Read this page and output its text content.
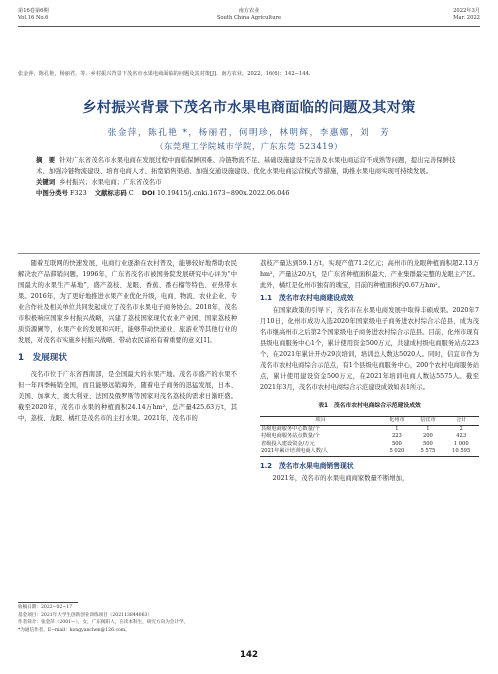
第16卷第6期
Vol.16 No.6
南方农业
South China Agriculture
2022年3月
Mar. 2022
张金萍，陈孔艳，杨丽君，等．乡村振兴背景下茂名市水果电商面临的问题及其对策[J]．南方农业，2022，16(6)：142−144.
乡村振兴背景下茂名市水果电商面临的问题及其对策
张金萍，陈孔艳 *，杨丽君，何明珍，林明辉，李惠娜，刘　芳
（东莞理工学院城市学院，广东东莞 523419）
摘　要 针对广东省茂名市水果电商在发展过程中面临保鲜困难、冷链物流不足、基础设施建设不完善及水果电商运营不成熟等问题，提出完善保鲜技术、加强冷链物流建设、培育电商人才、拓宽销售渠道、加强交通设施建设、优化水果电商运营模式等措施，助推水果电商实现可持续发展。
关键词 乡村振兴；水果电商；广东省茂名市
中图分类号 F323 文献标志码 C DOI 10.19415/j.cnki.1673−890x.2022.06.046

随着互联网的快速发展，电商行业逐渐在农村普及，能够较好地帮助农民解决农产品滞销问题。1996年，广东省茂名市被国务院发展研究中心评为“中国最大的水果生产基地”，盛产荔枝、龙眼、香蕉、番石榴等特色、亚热带水果。2016年，为了更好地推进水果产业优化升级，电商、物流、农业企业、专业合作社及相关单位共同发起成立了茂名市水果电子商务协会。2018年，茂名市积极响应国家乡村振兴战略，兴建了荔枝国家现代农业产业园、国家荔枝种质资源圃等，水果产业的发展和兴旺，能够带动快递业、旅游业等其他行业的发展，对茂名市实施乡村振兴战略、带动农民富裕有着重要的意义[1]。

1　发展现状

茂名市位于广东省西南部，是全国最大的水果产地。茂名市盛产的水果不但一年四季畅销全国，而且能够远销海外，随着电子商务的迅猛发展，日本、美国、加拿大、澳大利亚、法国及俄罗斯等国家对茂名荔枝的需求日渐旺盛。截至2020年，茂名市水果的种植面积24.14万hm²，总产量425.63万t，其中，荔枝、龙眼、橘红是茂名市的主打水果。2021年，茂名市的

荔枝产量达到59.1万t，实现产值71.2亿元；高州市的龙眼种植面积超2.13万hm²，产量达20万t，是广东省种植面积最大、产业集群最完整的龙眼主产区。此外，橘红是化州市独有的瑰宝，目前的种植面积约0.67万hm²。

1.1　茂名市农村电商建设成效

在国家政策的引导下，茂名市在水果电商发展中取得丰硕成果。2020年7月10日，化州市成功入选2020年国家级电子商务进农村综合示范县，成为茂名市继高州市之后第2个国家级电子商务进农村综合示范县。目前，化州市现有县级电商服务中心1个，累计使用资金500万元，共建成村级电商服务站点223个，在2021年累计开办29次培训，培训总人数达5020人。同时，信宜市作为茂名市农村电商综合示范点，有1个县级电商服务中心，200个农村电商服务站点，累计使用建设资金500万元，在2021年培训电商人数达5575人。截至2021年3月，茂名市农村电商综合示范建设成效如表1所示。

表1　茂名市农村电商综合示范建设成效
项目	化州市	信宜市	合计
县级电商服务中心数量/个	1	1	2
村级电商服务站点数量/个	223	200	423
省级投入建设资金/万元	500	500	1 000
2021年累计培训电商人数/人	5 020	5 575	10 595
1.2　茂名市水果电商销售现状

2021年，茂名市的水果电商商家数量不断增加，

收稿日期：2022−02−17
基金项目：2021年大学生创新创业训练项目（202113844063）
作者简介：张金萍（2001—），女，广东揭阳人，在读本科生，研究方向为会计学。
*为通信作者，E−mail：kongyanchen@126.com。
142
